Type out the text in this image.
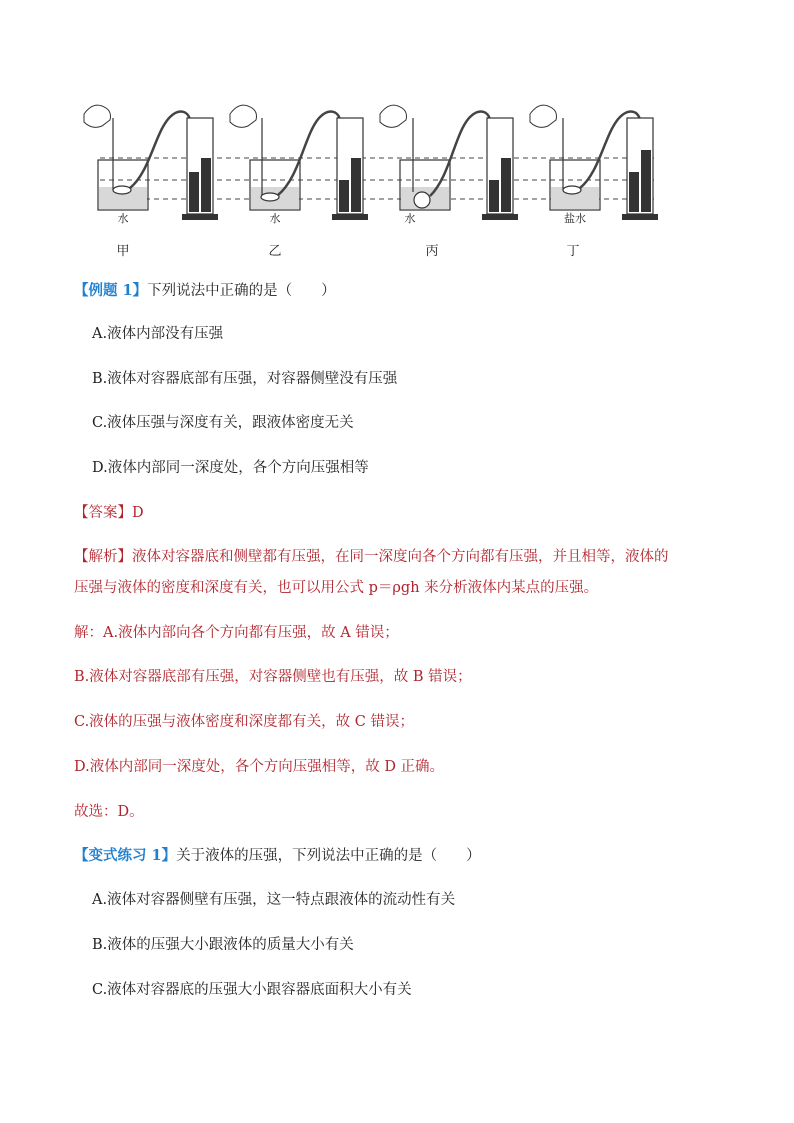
水	水	水	盐水
甲	乙	丙	丁
【例题 1】下列说法中正确的是（　　）
A.液体内部没有压强
B.液体对容器底部有压强，对容器侧壁没有压强
C.液体压强与深度有关，跟液体密度无关
D.液体内部同一深度处，各个方向压强相等
【答案】D
【解析】液体对容器底和侧壁都有压强，在同一深度向各个方向都有压强，并且相等，液体的
压强与液体的密度和深度有关，也可以用公式 p＝ρgh 来分析液体内某点的压强。
解：A.液体内部向各个方向都有压强，故 A 错误；
B.液体对容器底部有压强，对容器侧壁也有压强，故 B 错误；
C.液体的压强与液体密度和深度都有关，故 C 错误；
D.液体内部同一深度处，各个方向压强相等，故 D 正确。
故选：D。
【变式练习 1】关于液体的压强，下列说法中正确的是（　　）
A.液体对容器侧壁有压强，这一特点跟液体的流动性有关
B.液体的压强大小跟液体的质量大小有关
C.液体对容器底的压强大小跟容器底面积大小有关
